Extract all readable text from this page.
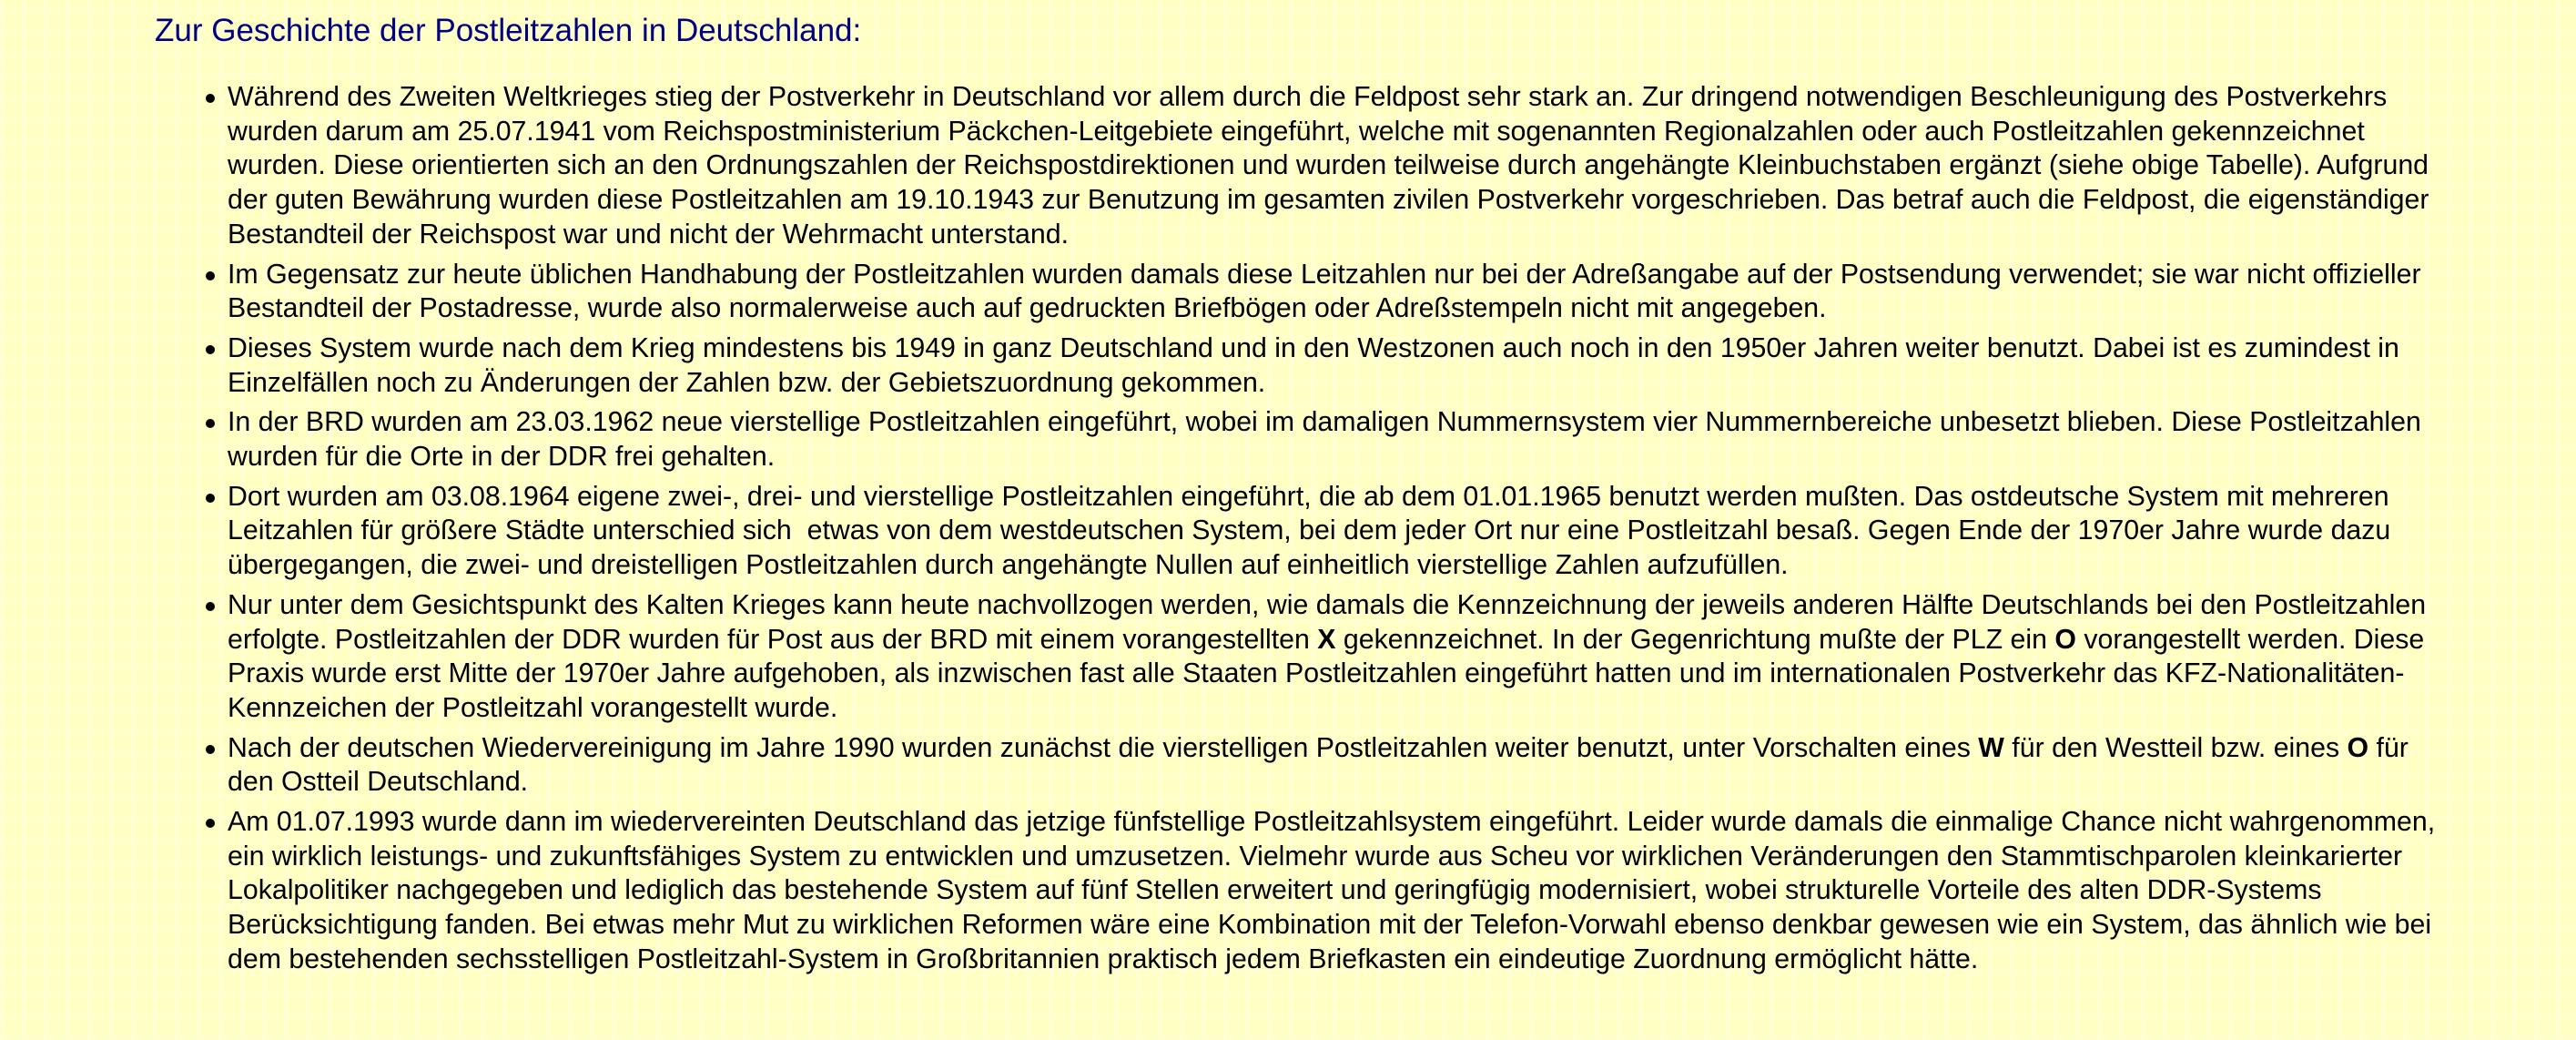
Zur Geschichte der Postleitzahlen in Deutschland:
Während des Zweiten Weltkrieges stieg der Postverkehr in Deutschland vor allem durch die Feldpost sehr stark an. Zur dringend notwendigen Beschleunigung des Postverkehrs wurden darum am 25.07.1941 vom Reichspostministerium Päckchen-Leitgebiete eingeführt, welche mit sogenannten Regionalzahlen oder auch Postleitzahlen gekennzeichnet wurden. Diese orientierten sich an den Ordnungszahlen der Reichspostdirektionen und wurden teilweise durch angehängte Kleinbuchstaben ergänzt (siehe obige Tabelle). Aufgrund der guten Bewährung wurden diese Postleitzahlen am 19.10.1943 zur Benutzung im gesamten zivilen Postverkehr vorgeschrieben. Das betraf auch die Feldpost, die eigenständiger Bestandteil der Reichspost war und nicht der Wehrmacht unterstand.
Im Gegensatz zur heute üblichen Handhabung der Postleitzahlen wurden damals diese Leitzahlen nur bei der Adreßangabe auf der Postsendung verwendet; sie war nicht offizieller Bestandteil der Postadresse, wurde also normalerweise auch auf gedruckten Briefbögen oder Adreßstempeln nicht mit angegeben.
Dieses System wurde nach dem Krieg mindestens bis 1949 in ganz Deutschland und in den Westzonen auch noch in den 1950er Jahren weiter benutzt. Dabei ist es zumindest in Einzelfällen noch zu Änderungen der Zahlen bzw. der Gebietszuordnung gekommen.
In der BRD wurden am 23.03.1962 neue vierstellige Postleitzahlen eingeführt, wobei im damaligen Nummernsystem vier Nummernbereiche unbesetzt blieben. Diese Postleitzahlen wurden für die Orte in der DDR frei gehalten.
Dort wurden am 03.08.1964 eigene zwei-, drei- und vierstellige Postleitzahlen eingeführt, die ab dem 01.01.1965 benutzt werden mußten. Das ostdeutsche System mit mehreren Leitzahlen für größere Städte unterschied sich  etwas von dem westdeutschen System, bei dem jeder Ort nur eine Postleitzahl besaß. Gegen Ende der 1970er Jahre wurde dazu übergegangen, die zwei- und dreistelligen Postleitzahlen durch angehängte Nullen auf einheitlich vierstellige Zahlen aufzufüllen.
Nur unter dem Gesichtspunkt des Kalten Krieges kann heute nachvollzogen werden, wie damals die Kennzeichnung der jeweils anderen Hälfte Deutschlands bei den Postleitzahlen erfolgte. Postleitzahlen der DDR wurden für Post aus der BRD mit einem vorangestellten X gekennzeichnet. In der Gegenrichtung mußte der PLZ ein O vorangestellt werden. Diese Praxis wurde erst Mitte der 1970er Jahre aufgehoben, als inzwischen fast alle Staaten Postleitzahlen eingeführt hatten und im internationalen Postverkehr das KFZ-Nationalitäten-Kennzeichen der Postleitzahl vorangestellt wurde.
Nach der deutschen Wiedervereinigung im Jahre 1990 wurden zunächst die vierstelligen Postleitzahlen weiter benutzt, unter Vorschalten eines W für den Westteil bzw. eines O für den Ostteil Deutschland.
Am 01.07.1993 wurde dann im wiedervereinten Deutschland das jetzige fünfstellige Postleitzahlsystem eingeführt. Leider wurde damals die einmalige Chance nicht wahrgenommen, ein wirklich leistungs- und zukunftsfähiges System zu entwicklen und umzusetzen. Vielmehr wurde aus Scheu vor wirklichen Veränderungen den Stammtischparolen kleinkarierter Lokalpolitiker nachgegeben und lediglich das bestehende System auf fünf Stellen erweitert und geringfügig modernisiert, wobei strukturelle Vorteile des alten DDR-Systems Berücksichtigung fanden. Bei etwas mehr Mut zu wirklichen Reformen wäre eine Kombination mit der Telefon-Vorwahl ebenso denkbar gewesen wie ein System, das ähnlich wie bei dem bestehenden sechsstelligen Postleitzahl-System in Großbritannien praktisch jedem Briefkasten ein eindeutige Zuordnung ermöglicht hätte.
